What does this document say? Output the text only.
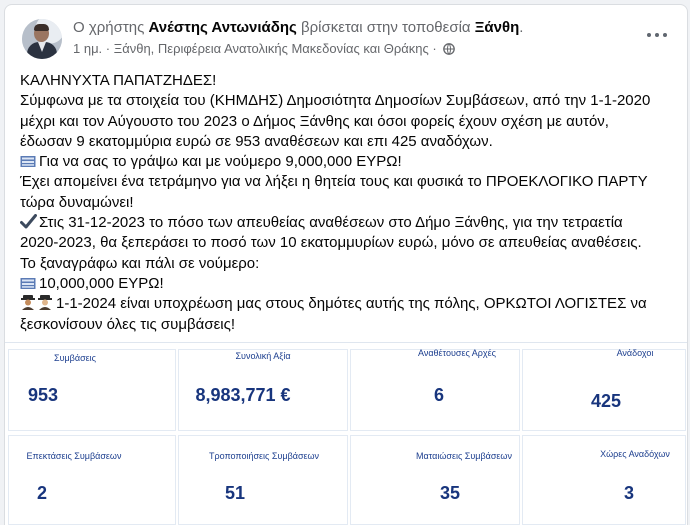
Ο χρήστης Ανέστης Αντωνιάδης βρίσκεται στην τοποθεσία Ξάνθη.
1 ημ. · Ξάνθη, Περιφέρεια Ανατολικής Μακεδονίας και Θράκης ·

ΚΑΛΗΝΥΧΤΑ ΠΑΠΑΤΖΗΔΕΣ!

Σύμφωνα με τα στοιχεία του (ΚΗΜΔΗΣ) Δημοσιότητα Δημοσίων Συμβάσεων, από την 1-1-2020

μέχρι και τον Αύγουστο του 2023 ο Δήμος Ξάνθης και όσοι φορείς έχουν σχέση με αυτόν,

έδωσαν 9 εκατομμύρια ευρώ σε 953 αναθέσεων και επι 425 αναδόχων.

Για να σας το γράψω και με νούμερο 9,000,000 ΕΥΡΩ!

Έχει απομείνει ένα τετράμηνο για να λήξει η θητεία τους και φυσικά το ΠΡΟΕΚΛΟΓΙΚΟ ΠΑΡΤΥ

τώρα δυναμώνει!

Στις 31-12-2023 το πόσο των απευθείας αναθέσεων στο Δήμο Ξάνθης, για την τετραετία

2020-2023, θα ξεπεράσει το ποσό των 10 εκατομμυρίων ευρώ, μόνο σε απευθείας αναθέσεις.

Το ξαναγράφω και πάλι σε νούμερο:

10,000,000 ΕΥΡΩ!

1-1-2024 είναι υποχρέωση μας στους δημότες αυτής της πόλης, ΟΡΚΩΤΟΙ ΛΟΓΙΣΤΕΣ να

ξεσκονίσουν όλες τις συμβάσεις!

Συμβάσεις
953
Συνολική Αξία
8,983,771 €
Αναθέτουσες Αρχές
6
Ανάδοχοι
425
Επεκτάσεις Συμβάσεων
2
Τροποποιήσεις Συμβάσεων
51
Ματαιώσεις Συμβάσεων
35
Χώρες Αναδόχων
3
